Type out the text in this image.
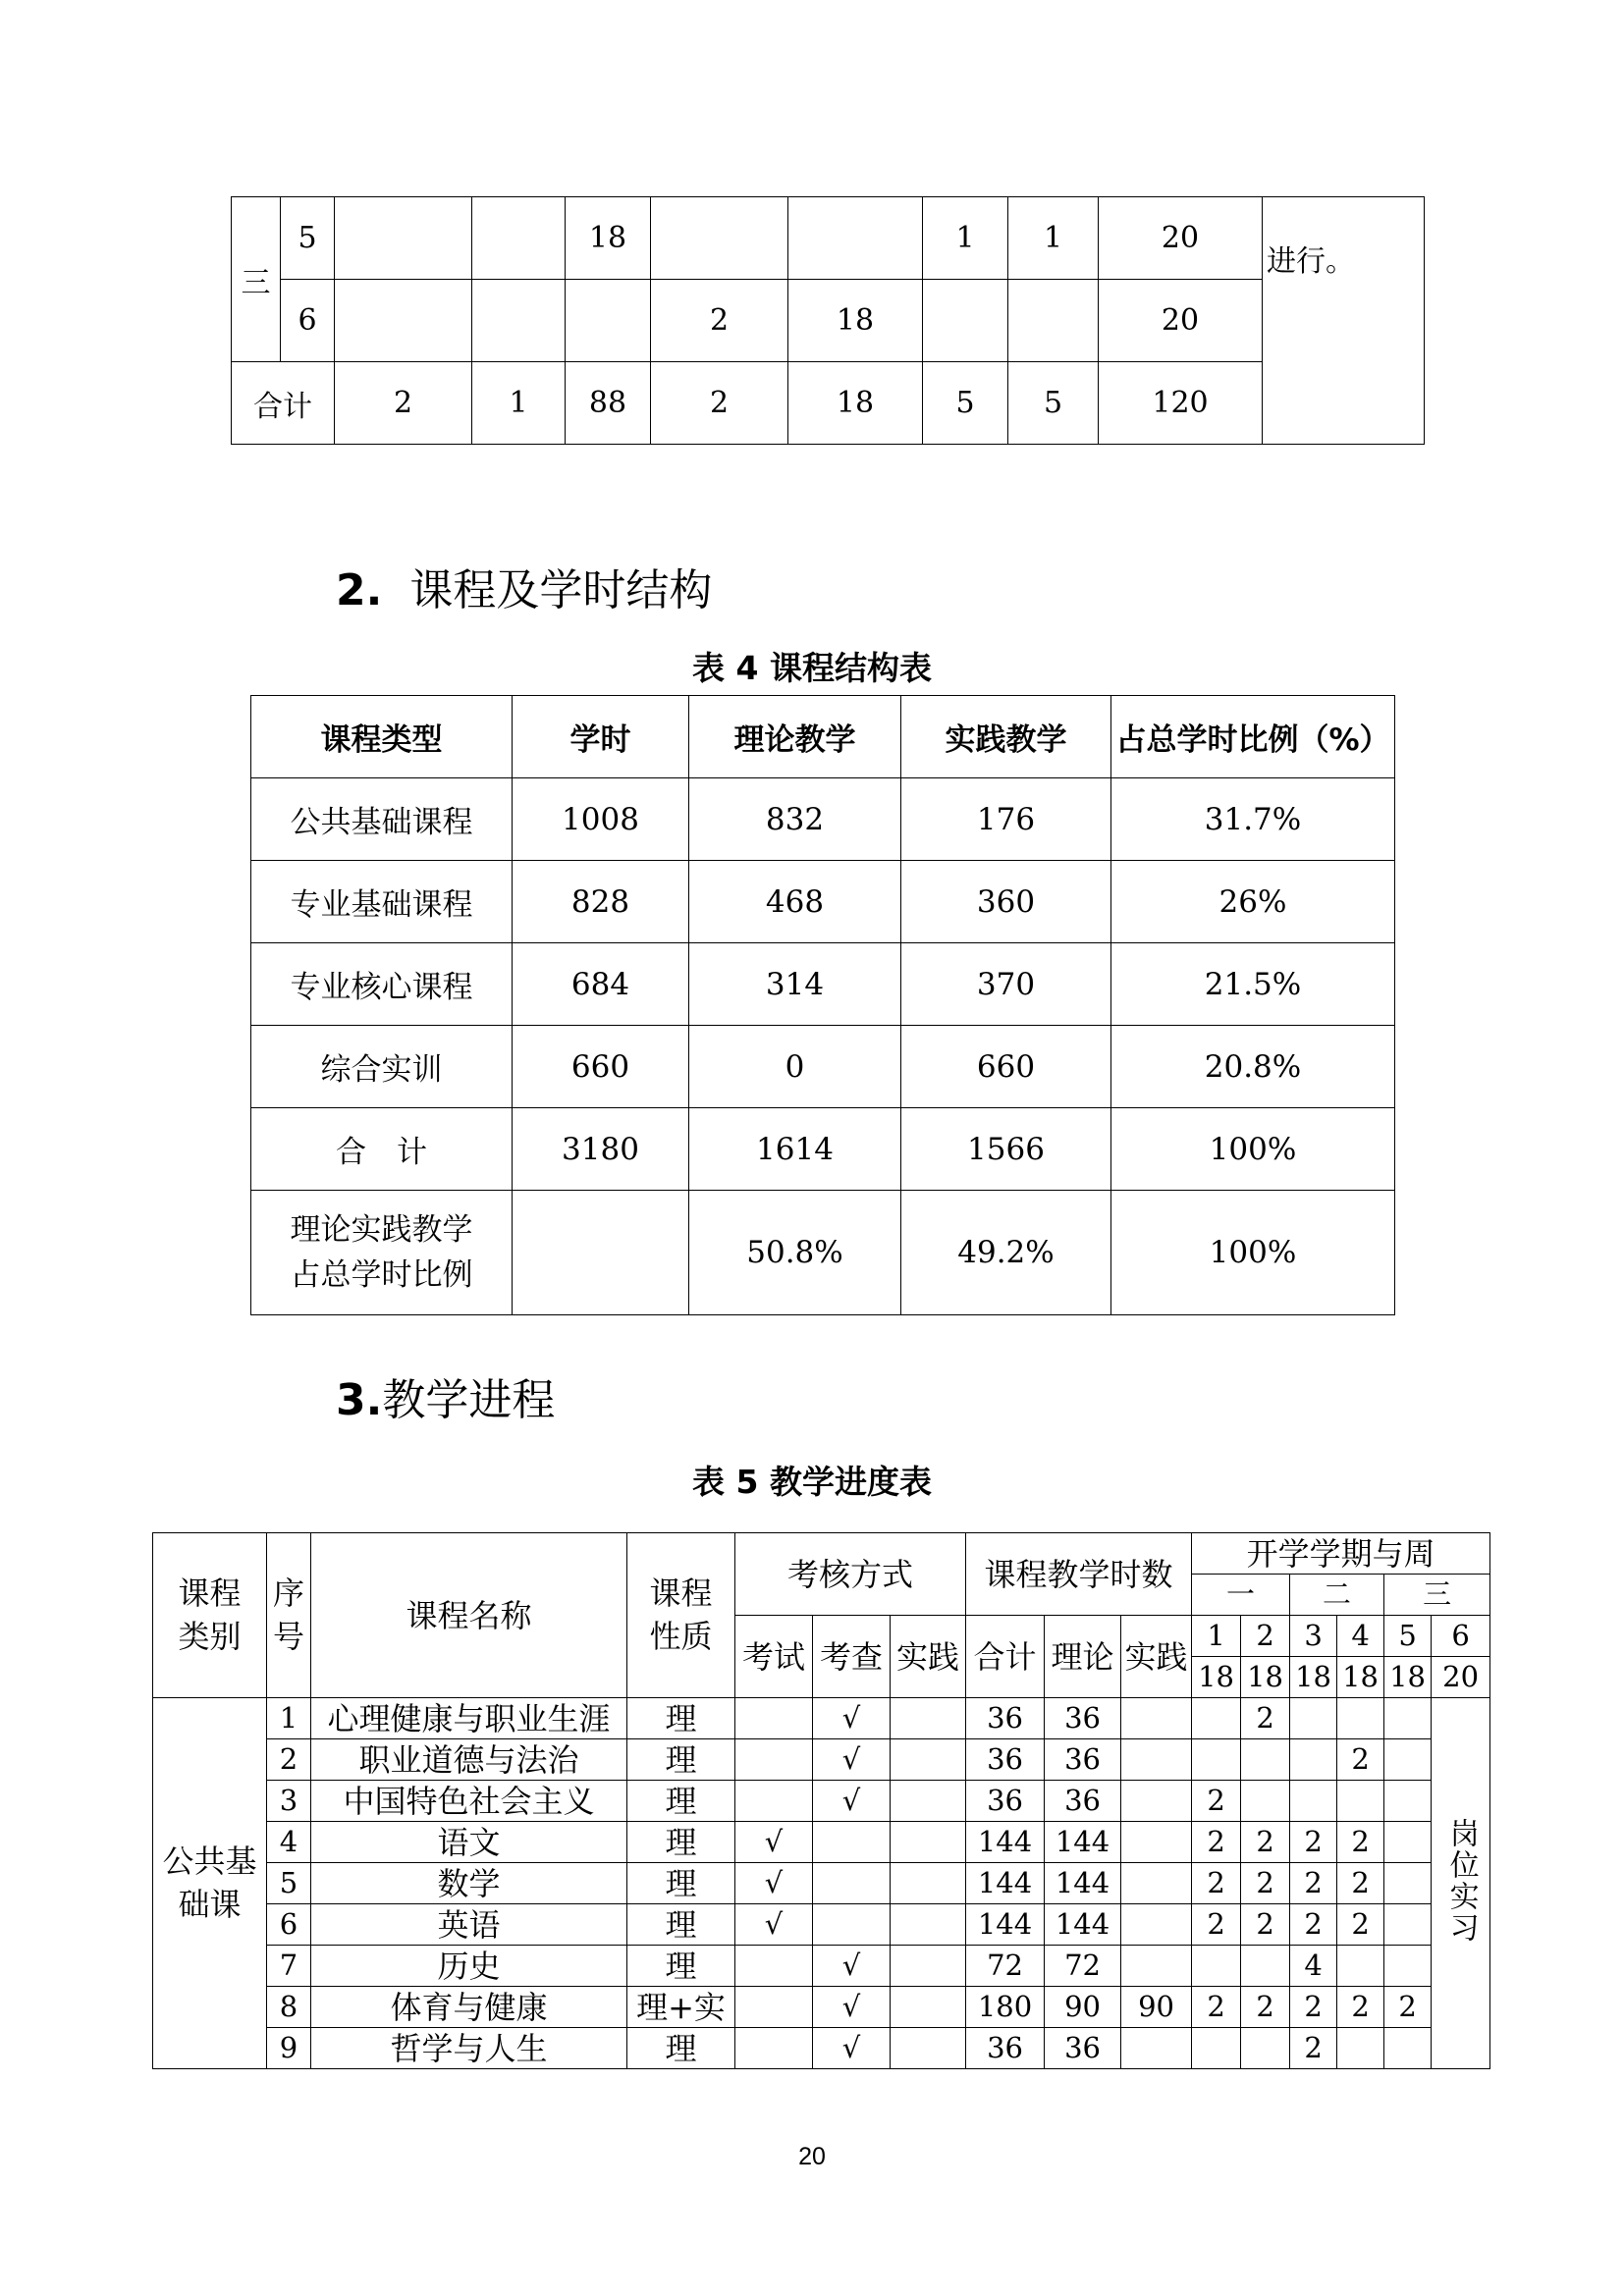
三	5			18			1	1	20	进行。
	6				2	18			20	
合计		2	1	88	2	18	5	5	120	
2. 课程及学时结构

表 4 课程结构表

课程类型	学时	理论教学	实践教学	占总学时比例（%）
公共基础课程	1008	832	176	31.7%
专业基础课程	828	468	360	26%
专业核心课程	684	314	370	21.5%
综合实训	660	0	660	20.8%
合　计	3180	1614	1566	100%

理论实践教学占总学时比例		50.8%	49.2%	100%
3.教学进程

表 5 教学进度表

课程类别	序号	课程名称	课程性质	考核方式			课程教学时数			开学学期与周					
										一		二		三	
				考试	考查	实践	合计	理论	实践	1	2	3	4	5	6
										18	18	18	18	18	20

公共基础课	1	心理健康与职业生涯	理		√		36	36			2				岗位实习
	2	职业道德与法治	理		√		36	36					2		
	3	中国特色社会主义	理		√		36	36		2					
	4	语文	理	√			144	144		2	2	2	2		
	5	数学	理	√			144	144		2	2	2	2		
	6	英语	理	√			144	144		2	2	2	2		
	7	历史	理		√		72	72				4			
	8	体育与健康	理+实		√		180	90	90	2	2	2	2	2	
	9	哲学与人生	理		√		36	36				2			
20
